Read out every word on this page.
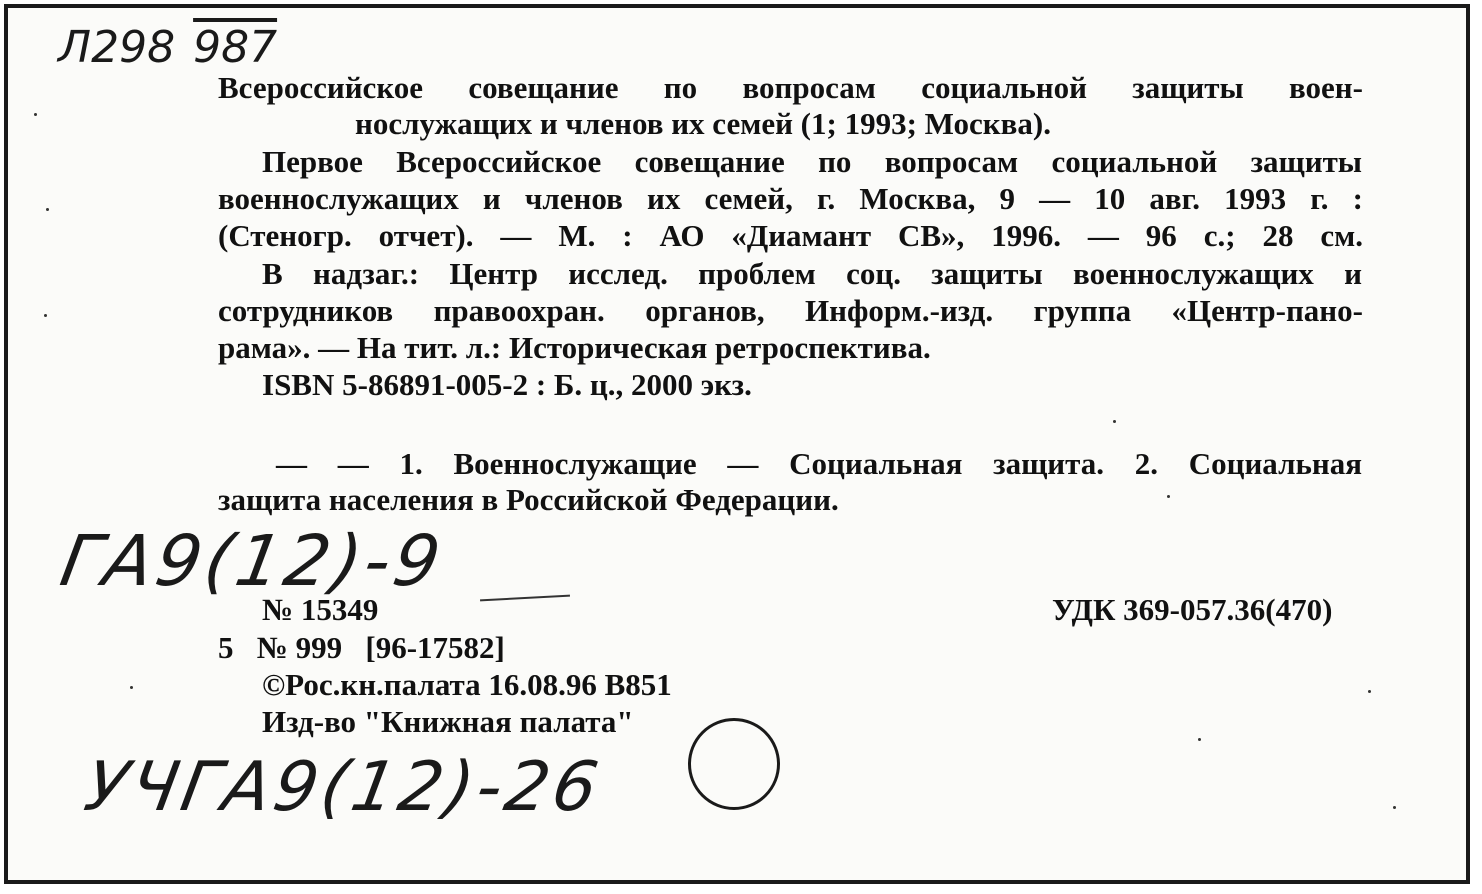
Л298 987
Всероссийское совещание по вопросам социальной защиты воен-
нослужащих и членов их семей (1; 1993; Москва).
Первое Всероссийское совещание по вопросам социальной защиты
военнослужащих и членов их семей, г. Москва, 9 — 10 авг. 1993 г. :
(Стеногр. отчет). — М. : АО «Диамант СВ», 1996. — 96 с.; 28 см.
В надзаг.: Центр исслед. проблем соц. защиты военнослужащих и
сотрудников правоохран. органов, Информ.-изд. группа «Центр-пано-
рама». — На тит. л.: Историческая ретроспектива.
ISBN 5-86891-005-2 : Б. ц., 2000 экз.
— — 1. Военнослужащие — Социальная защита. 2. Социальная
защита населения в Российской Федерации.
ГА9(12)-9
№ 15349	УДК 369-057.36(470)
5   № 999   [96-17582]
©Рос.кн.палата 16.08.96 В851
Изд-во "Книжная палата"
УЧГА9(12)-26
